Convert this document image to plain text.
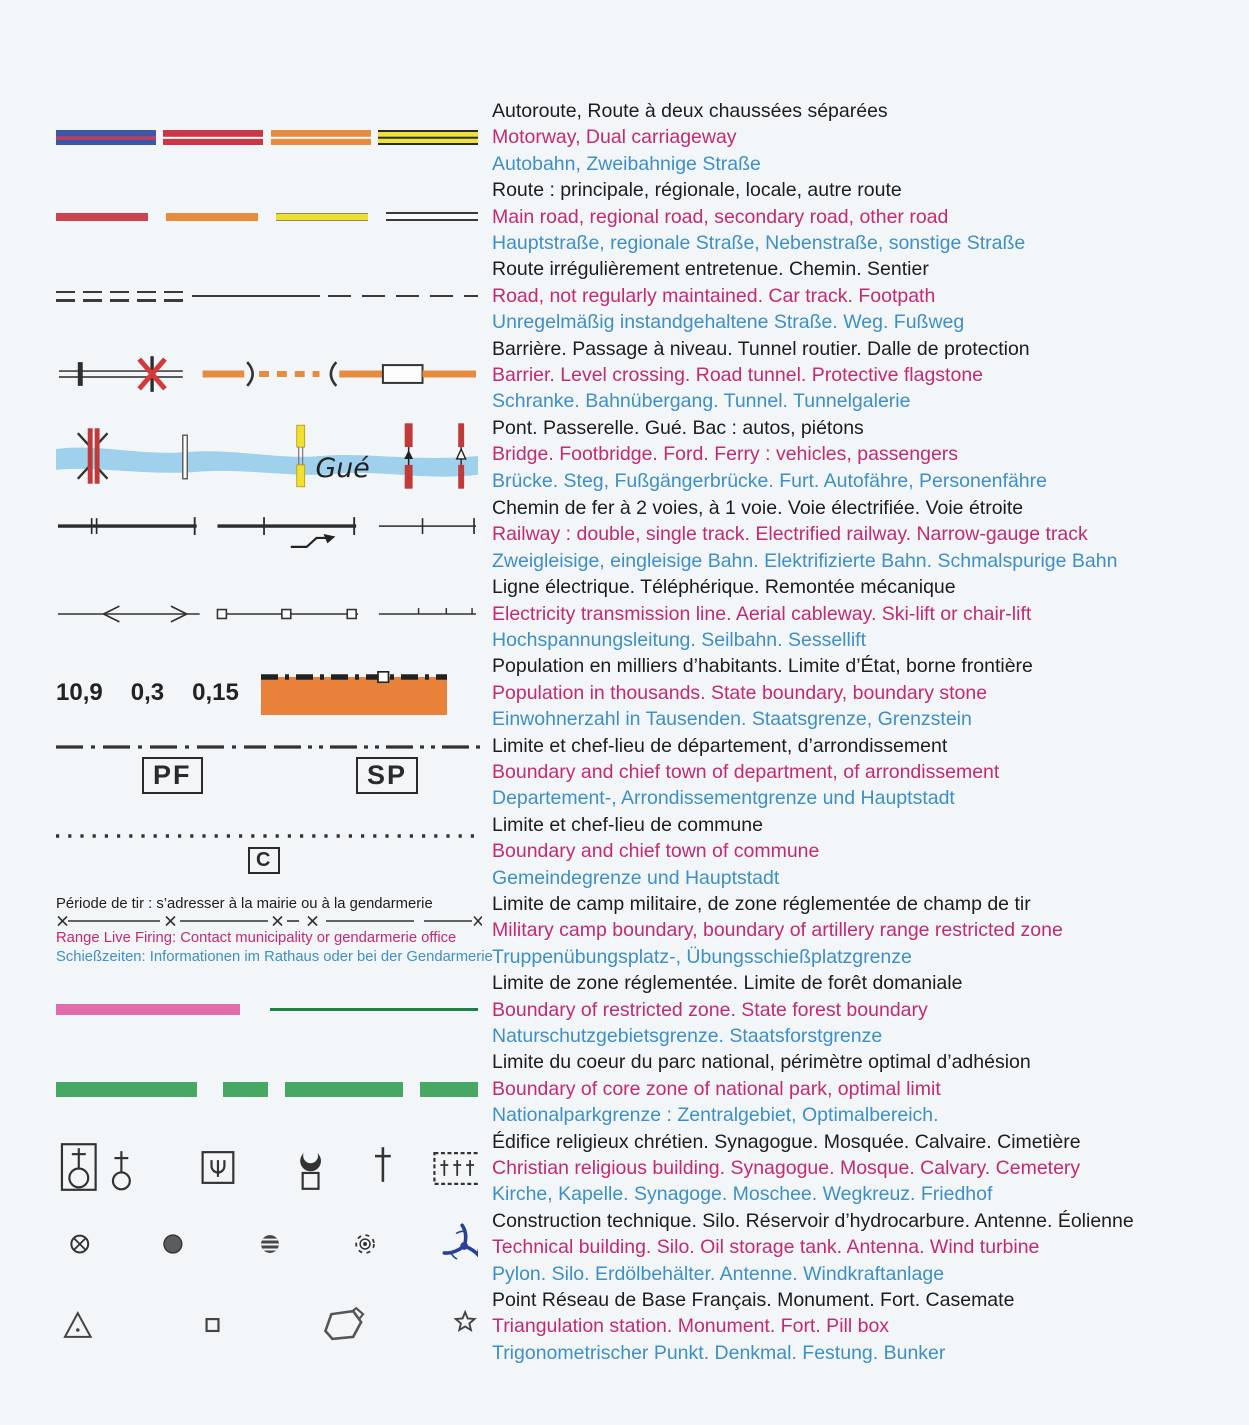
Autoroute, Route à deux chaussées séparées
Motorway, Dual carriageway
Autobahn, Zweibahnige Straße
Route : principale, régionale, locale, autre route
Main road, regional road, secondary road, other road
Hauptstraße, regionale Straße, Nebenstraße, sonstige Straße
Route irrégulièrement entretenue. Chemin. Sentier
Road, not regularly maintained. Car track. Footpath
Unregelmäßig instandgehaltene Straße. Weg. Fußweg
Barrière. Passage à niveau. Tunnel routier. Dalle de protection
Barrier. Level crossing. Road tunnel. Protective flagstone
Schranke. Bahnübergang. Tunnel. Tunnelgalerie
Gué
Pont. Passerelle. Gué. Bac : autos, piétons
Bridge. Footbridge. Ford. Ferry : vehicles, passengers
Brücke. Steg, Fußgängerbrücke. Furt. Autofähre, Personenfähre
Chemin de fer à 2 voies, à 1 voie. Voie électrifiée. Voie étroite
Railway : double, single track. Electrified railway. Narrow-gauge track
Zweigleisige, eingleisige Bahn. Elektrifizierte Bahn. Schmalspurige Bahn
Ligne électrique. Téléphérique. Remontée mécanique
Electricity transmission line. Aerial cableway. Ski-lift or chair-lift
Hochspannungsleitung. Seilbahn. Sessellift
10,9 0,3 0,15
Population en milliers d’habitants. Limite d’État, borne frontière
Population in thousands. State boundary, boundary stone
Einwohnerzahl in Tausenden. Staatsgrenze, Grenzstein
PF	SP
Limite et chef-lieu de département, d’arrondissement
Boundary and chief town of department, of arrondissement
Departement-, Arrondissementgrenze und Hauptstadt
C
Limite et chef-lieu de commune
Boundary and chief town of commune
Gemeindegrenze und Hauptstadt
Période de tir : s’adresser à la mairie ou à la gendarmerie
Range Live Firing: Contact municipality or gendarmerie office
Schießzeiten: Informationen im Rathaus oder bei der Gendarmerie
Limite de camp militaire, de zone réglementée de champ de tir
Military camp boundary, boundary of artillery range restricted zone
Truppenübungsplatz-, Übungsschießplatzgrenze
Limite de zone réglementée. Limite de forêt domaniale
Boundary of restricted zone. State forest boundary
Naturschutzgebietsgrenze. Staatsforstgrenze
Limite du coeur du parc national, périmètre optimal d’adhésion
Boundary of core zone of national park, optimal limit
Nationalparkgrenze : Zentralgebiet, Optimalbereich.
Édifice religieux chrétien. Synagogue. Mosquée. Calvaire. Cimetière
Christian religious building. Synagogue. Mosque. Calvary. Cemetery
Kirche, Kapelle. Synagoge. Moschee. Wegkreuz. Friedhof
Construction technique. Silo. Réservoir d’hydrocarbure. Antenne. Éolienne
Technical building. Silo. Oil storage tank. Antenna. Wind turbine
Pylon. Silo. Erdölbehälter. Antenne. Windkraftanlage
Point Réseau de Base Français. Monument. Fort. Casemate
Triangulation station. Monument. Fort. Pill box
Trigonometrischer Punkt. Denkmal. Festung. Bunker
